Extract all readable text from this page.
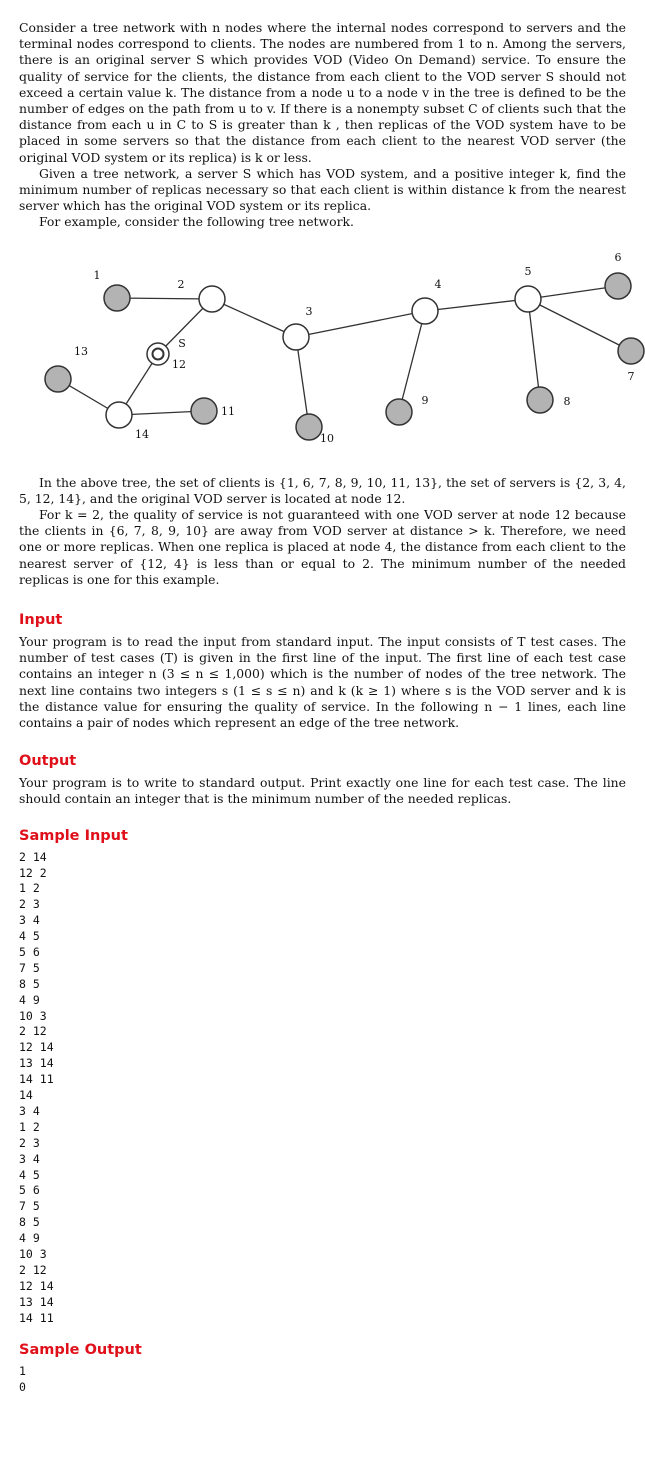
Consider a tree network with n nodes where the internal nodes correspond to servers and the terminal nodes correspond to clients. The nodes are numbered from 1 to n. Among the servers, there is an original server S which provides VOD (Video On Demand) service. To ensure the quality of service for the clients, the distance from each client to the VOD server S should not exceed a certain value k. The distance from a node u to a node v in the tree is defined to be the number of edges on the path from u to v. If there is a nonempty subset C of clients such that the distance from each u in C to S is greater than k , then replicas of the VOD system have to be placed in some servers so that the distance from each client to the nearest VOD server (the original VOD system or its replica) is k or less.

Given a tree network, a server S which has VOD system, and a positive integer k, find the minimum number of replicas necessary so that each client is within distance k from the nearest server which has the original VOD system or its replica.

For example, consider the following tree network.

1
2
3
4
5
6
7
8
9
10
11
12
13
14
S

In the above tree, the set of clients is {1, 6, 7, 8, 9, 10, 11, 13}, the set of servers is {2, 3, 4, 5, 12, 14}, and the original VOD server is located at node 12.

For k = 2, the quality of service is not guaranteed with one VOD server at node 12 because the clients in {6, 7, 8, 9, 10} are away from VOD server at distance > k. Therefore, we need one or more replicas. When one replica is placed at node 4, the distance from each client to the nearest server of {12, 4} is less than or equal to 2. The minimum number of the needed replicas is one for this example.

Input

Your program is to read the input from standard input. The input consists of T test cases. The number of test cases (T) is given in the first line of the input. The first line of each test case contains an integer n (3 ≤ n ≤ 1,000) which is the number of nodes of the tree network. The next line contains two integers s (1 ≤ s ≤ n) and k (k ≥ 1) where s is the VOD server and k is the distance value for ensuring the quality of service. In the following n − 1 lines, each line contains a pair of nodes which represent an edge of the tree network.

Output

Your program is to write to standard output. Print exactly one line for each test case. The line should contain an integer that is the minimum number of the needed replicas.

Sample Input
2 14
12 2
1 2
2 3
3 4
4 5
5 6
7 5
8 5
4 9
10 3
2 12
12 14
13 14
14 11
14
3 4
1 2
2 3
3 4
4 5
5 6
7 5
8 5
4 9
10 3
2 12
12 14
13 14
14 11
Sample Output
1
0
